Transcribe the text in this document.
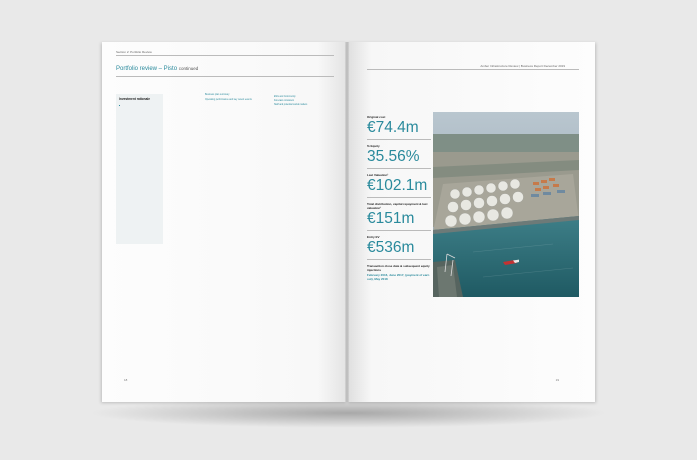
Section 2: Portfolio Review
Portfolio review – Pisto continued
Investment rationale
Business plan summary
Operating performance and key recent events
ESG and Community
Forecast consistent
Staff and potential social matters
18
Amber Infrastructure Review | Business Report December 2019
Original cost
€74.4m
% Equity
35.56%
Last Valuation¹
€102.1m
Total distribution, capital repayment & last valuation¹
€151m
Entry EV
€536m
Transaction close date & subsequent equity injections
February 2016, June 2017, (payment of earn out), May 2018
19
